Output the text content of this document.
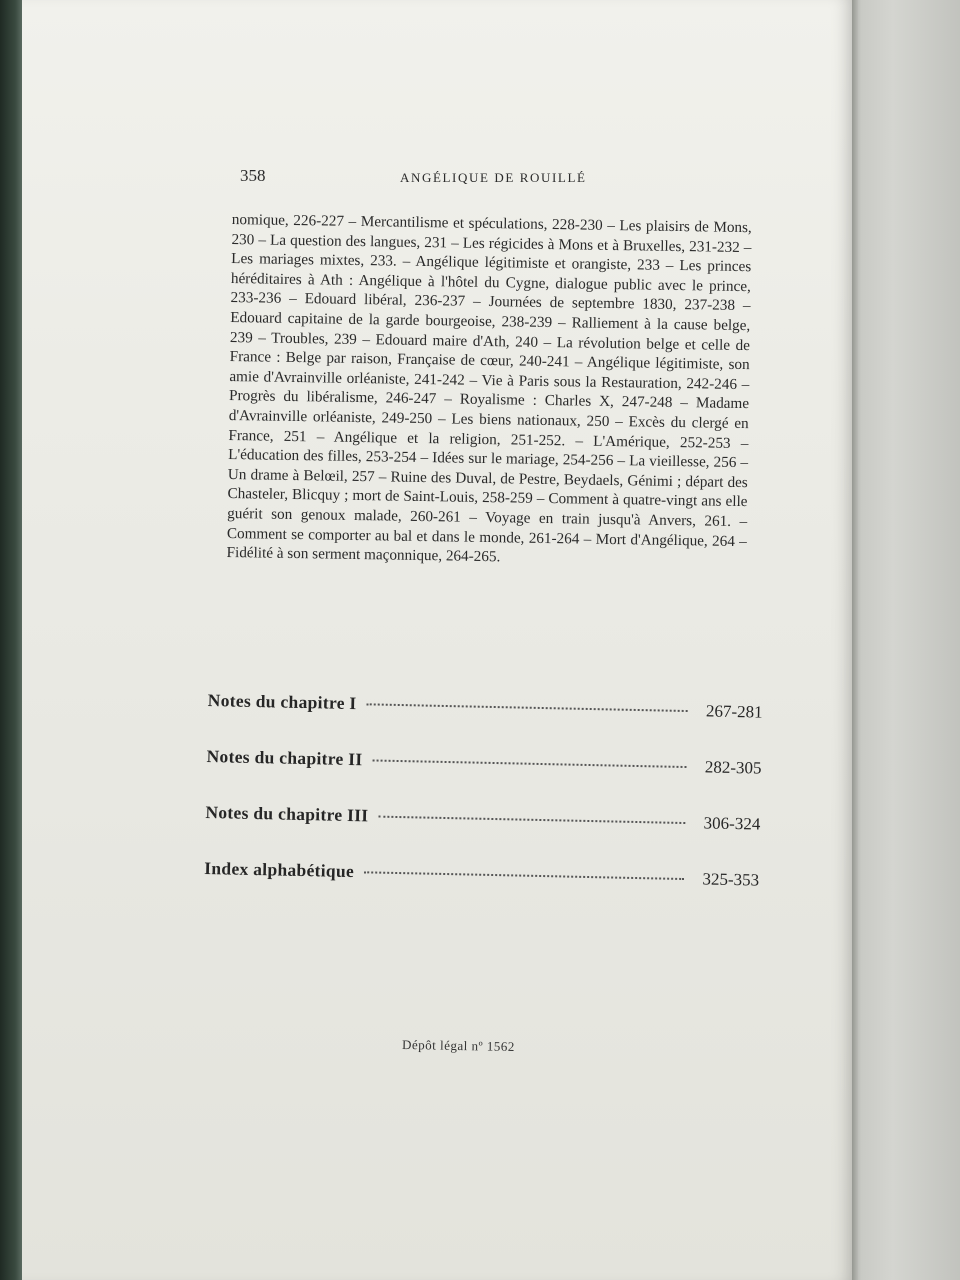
358	ANGÉLIQUE DE ROUILLÉ

nomique, 226-227 – Mercantilisme et spéculations, 228-230 – Les plaisirs de Mons, 230 – La question des langues, 231 – Les régicides à Mons et à Bruxelles, 231-232 – Les mariages mixtes, 233. – Angélique légitimiste et orangiste, 233 – Les princes héréditaires à Ath : Angélique à l'hôtel du Cygne, dialogue public avec le prince, 233-236 – Edouard libéral, 236-237 – Journées de septembre 1830, 237-238 – Edouard capitaine de la garde bourgeoise, 238-239 – Ralliement à la cause belge, 239 – Troubles, 239 – Edouard maire d'Ath, 240 – La révolution belge et celle de France : Belge par raison, Française de cœur, 240-241 – Angélique légitimiste, son amie d'Avrainville orléaniste, 241-242 – Vie à Paris sous la Restauration, 242-246 – Progrès du libéralisme, 246-247 – Royalisme : Charles X, 247-248 – Madame d'Avrainville orléaniste, 249-250 – Les biens nationaux, 250 – Excès du clergé en France, 251 – Angélique et la religion, 251-252. – L'Amérique, 252-253 – L'éducation des filles, 253-254 – Idées sur le mariage, 254-256 – La vieillesse, 256 – Un drame à Belœil, 257 – Ruine des Duval, de Pestre, Beydaels, Génimi ; départ des Chasteler, Blicquy ; mort de Saint-Louis, 258-259 – Comment à quatre-vingt ans elle guérit son genoux malade, 260-261 – Voyage en train jusqu'à Anvers, 261. – Comment se comporter au bal et dans le monde, 261-264 – Mort d'Angélique, 264 – Fidélité à son serment maçonnique, 264-265.

Notes du chapitre I	267-281
Notes du chapitre II	282-305
Notes du chapitre III	306-324
Index alphabétique	325-353
Dépôt légal nº 1562
